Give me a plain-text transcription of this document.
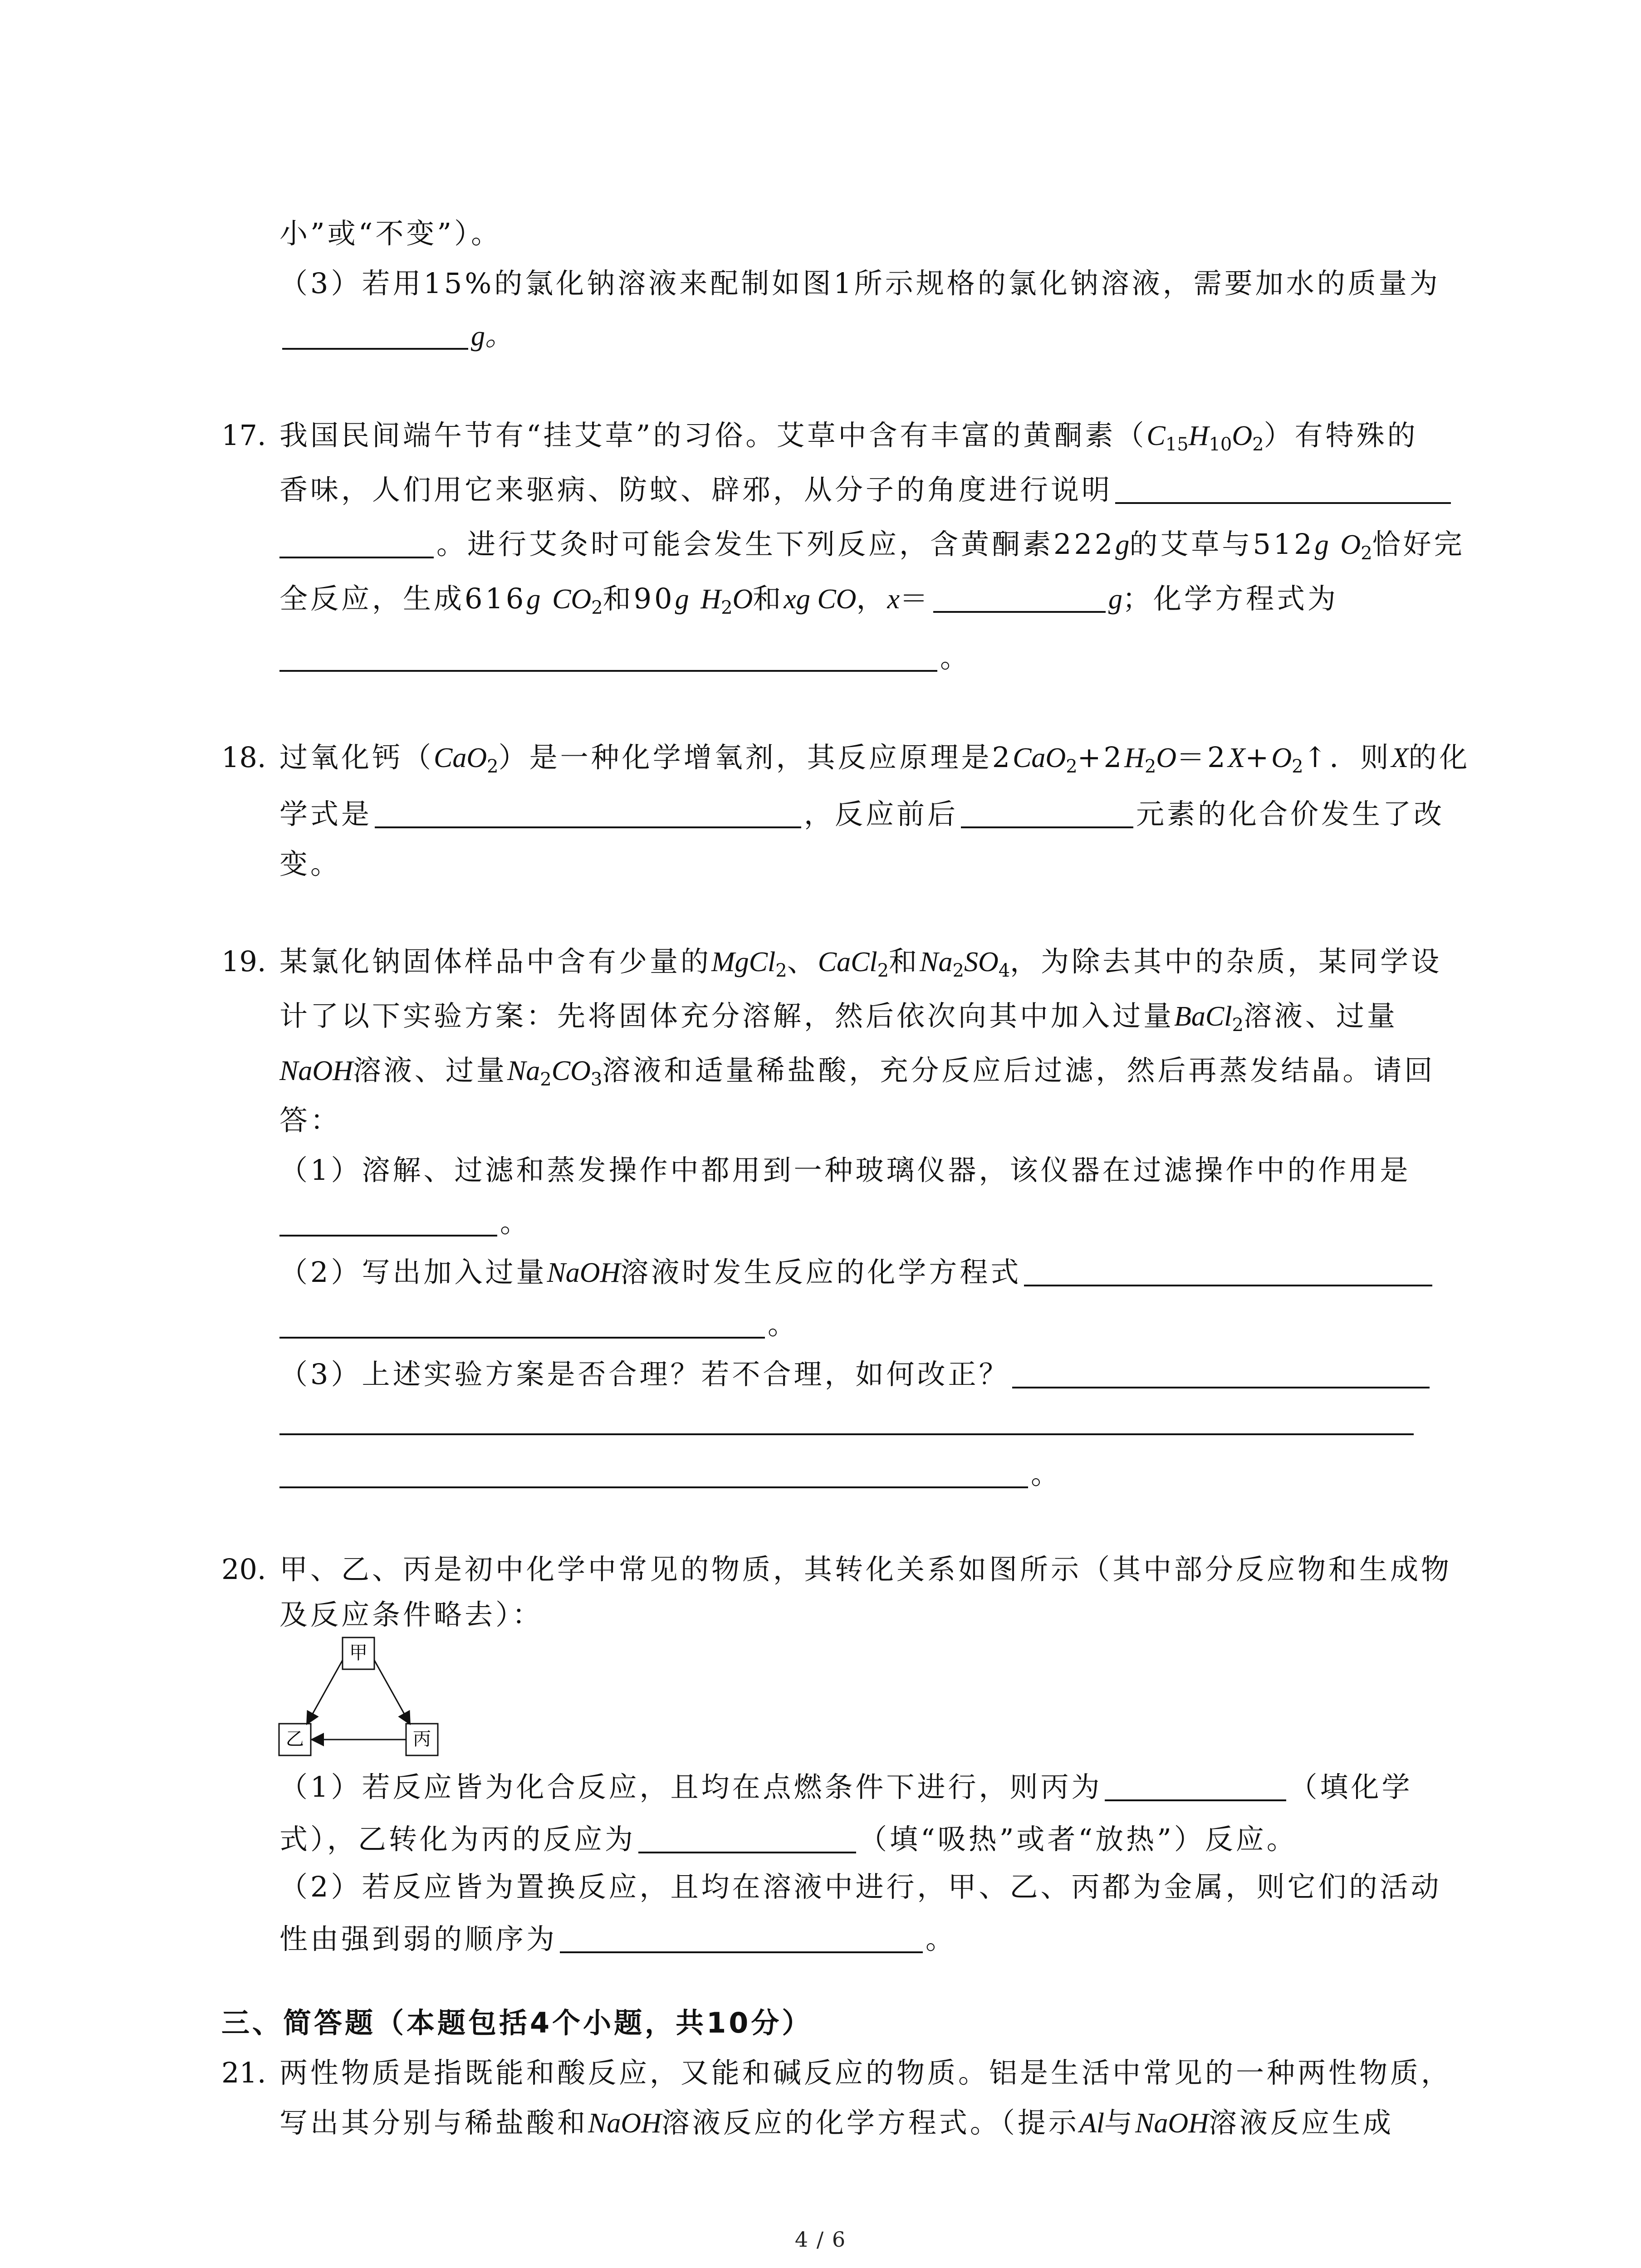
小”或“不变”）。
（3）若用15%的氯化钠溶液来配制如图1所示规格的氯化钠溶液，需要加水的质量为
g。
17. 我国民间端午节有“挂艾草”的习俗。艾草中含有丰富的黄酮素$(C_{15}H_{10}O_2)$有特殊的
香味，人们用它来驱病、防蚊、辟邪，从分子的角度进行说明
。进行艾灸时可能会发生下列反应，含黄酮素222g的艾草与512g $O_2$恰好完
全反应，生成616g $CO_2$和90g $H_2O$和xg CO，x＝	g；化学方程式为
。
18. 过氧化钙（CaO$_2$）是一种化学增氧剂，其反应原理是$2CaO_2+2H_2O=2X+O_2↑$．则X的化
学式是	，反应前后	元素的化合价发生了改
变。
19. 某氯化钠固体样品中含有少量的MgCl$_2$、CaCl$_2$和$Na_2SO_4$，为除去其中的杂质，某同学设
计了以下实验方案：先将固体充分溶解，然后依次向其中加入过量BaCl$_2$溶液、过量
NaOH溶液、过量$Na_2CO_3$溶液和适量稀盐酸，充分反应后过滤，然后再蒸发结晶。请回
答：
（1）溶解、过滤和蒸发操作中都用到一种玻璃仪器，该仪器在过滤操作中的作用是
。
（2）写出加入过量NaOH溶液时发生反应的化学方程式
。
（3）上述实验方案是否合理？若不合理，如何改正？
。
20. 甲、乙、丙是初中化学中常见的物质，其转化关系如图所示（其中部分反应物和生成物
及反应条件略去）：
甲
乙	丙
（1）若反应皆为化合反应，且均在点燃条件下进行，则丙为	（填化学
式），乙转化为丙的反应为	（填“吸热”或者“放热”）反应。
（2）若反应皆为置换反应，且均在溶液中进行，甲、乙、丙都为金属，则它们的活动
性由强到弱的顺序为	。
三、简答题（本题包括4个小题，共10分）
21. 两性物质是指既能和酸反应，又能和碱反应的物质。铝是生活中常见的一种两性物质，
写出其分别与稀盐酸和NaOH溶液反应的化学方程式。（提示Al与NaOH溶液反应生成
4 / 6
